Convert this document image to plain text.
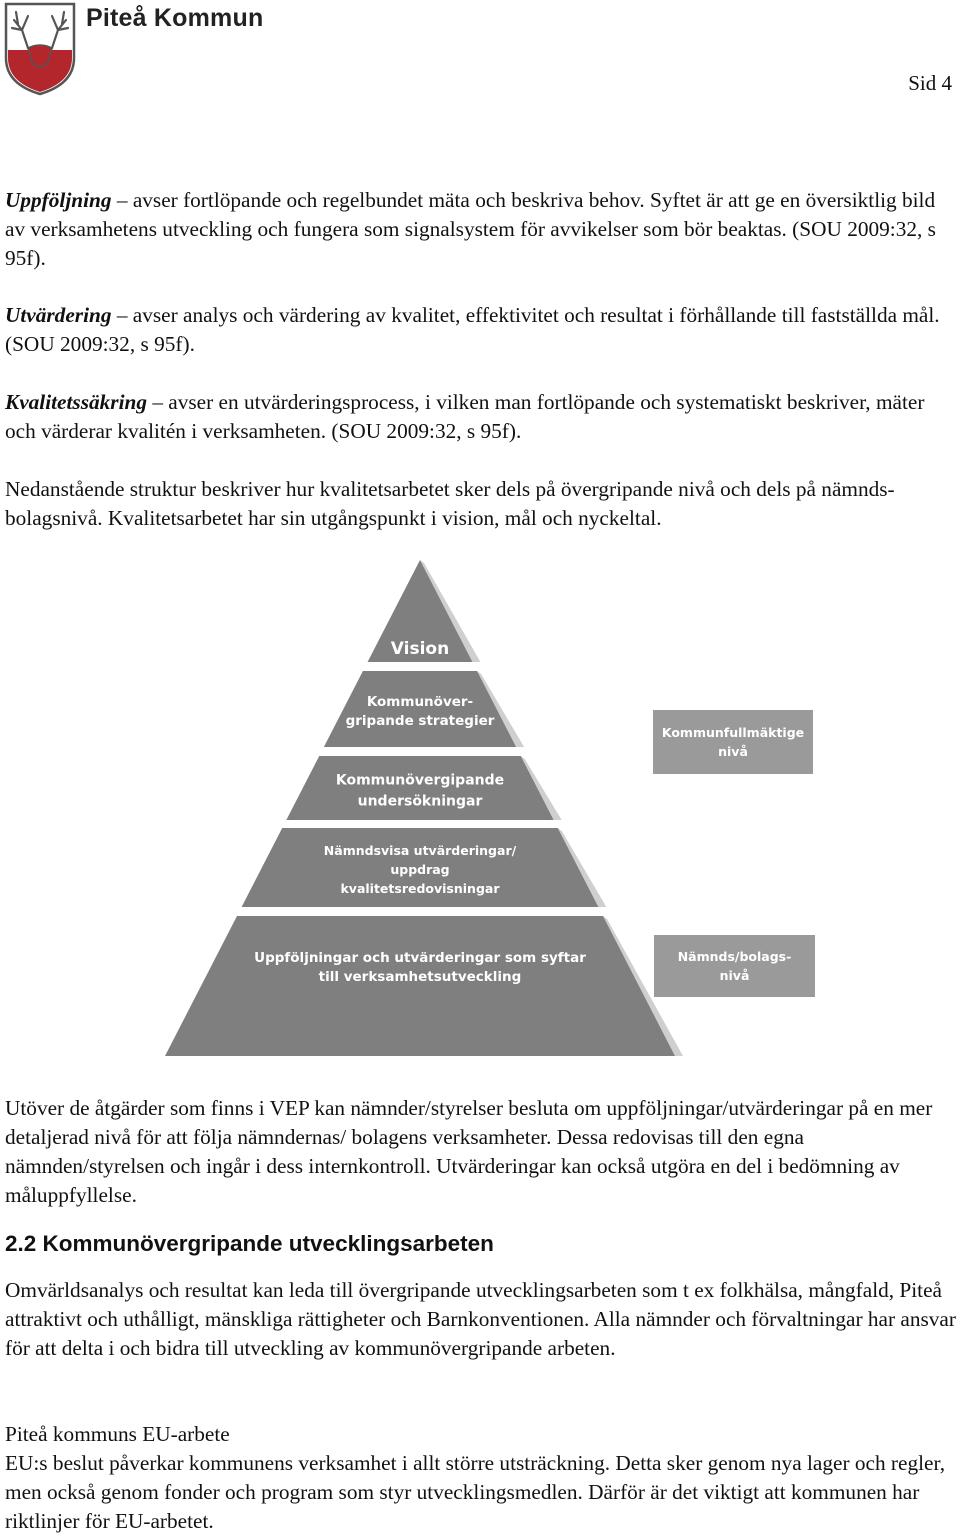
Piteå Kommun
Sid 4

Uppföljning – avser fortlöpande och regelbundet mäta och beskriva behov. Syftet är att ge en översiktlig bild av verksamhetens utveckling och fungera som signalsystem för avvikelser som bör beaktas. (SOU 2009:32, s 95f).

Utvärdering – avser analys och värdering av kvalitet, effektivitet och resultat i förhållande till fastställda mål. (SOU 2009:32, s 95f).

Kvalitetssäkring – avser en utvärderingsprocess, i vilken man fortlöpande och systematiskt beskriver, mäter och värderar kvalitén i verksamheten. (SOU 2009:32, s 95f).

Nedanstående struktur beskriver hur kvalitetsarbetet sker dels på övergripande nivå och dels på nämnds- bolagsnivå. Kvalitetsarbetet har sin utgångspunkt i vision, mål och nyckeltal.

Vision
Kommunöver-
gripande strategier
Kommunövergipande
undersökningar
Nämndsvisa utvärderingar/
uppdrag
kvalitetsredovisningar
Uppföljningar och utvärderingar som syftar
till verksamhetsutveckling
Kommunfullmäktige
nivå
Nämnds/bolags-
nivå

Utöver de åtgärder som finns i VEP kan nämnder/styrelser besluta om uppföljningar/utvärderingar på en mer detaljerad nivå för att följa nämndernas/ bolagens verksamheter. Dessa redovisas till den egna nämnden/styrelsen och ingår i dess internkontroll. Utvärderingar kan också utgöra en del i bedömning av måluppfyllelse.

2.2 Kommunövergripande utvecklingsarbeten

Omvärldsanalys och resultat kan leda till övergripande utvecklingsarbeten som t ex folkhälsa, mångfald, Piteå attraktivt och uthålligt, mänskliga rättigheter och Barnkonventionen. Alla nämnder och förvaltningar har ansvar för att delta i och bidra till utveckling av kommunövergripande arbeten.

Piteå kommuns EU-arbete
EU:s beslut påverkar kommunens verksamhet i allt större utsträckning. Detta sker genom nya lager och regler, men också genom fonder och program som styr utvecklingsmedlen. Därför är det viktigt att kommunen har riktlinjer för EU-arbetet.
